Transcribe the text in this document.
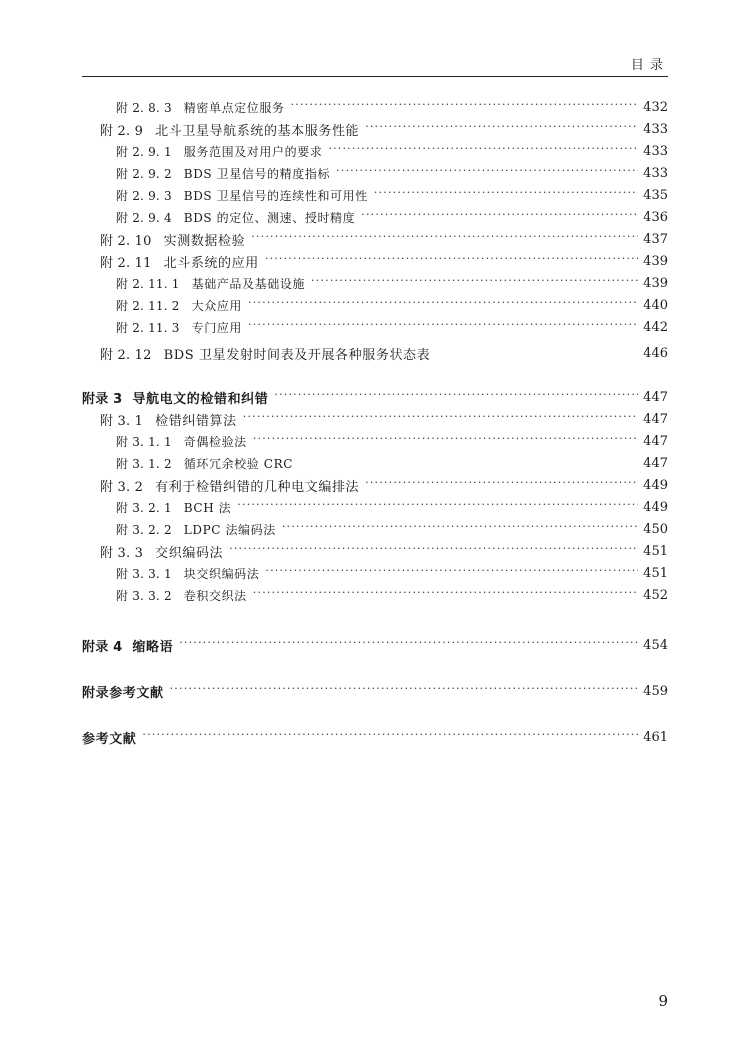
目 录
附 2. 8. 3 精密单点定位服务 ·····	432
附 2. 9 北斗卫星导航系统的基本服务性能 ·····	433
附 2. 9. 1 服务范围及对用户的要求 ·····	433
附 2. 9. 2 BDS 卫星信号的精度指标 ·····	433
附 2. 9. 3 BDS 卫星信号的连续性和可用性 ·····	435
附 2. 9. 4 BDS 的定位、测速、授时精度 ·····	436
附 2. 10 实测数据检验 ·····	437
附 2. 11 北斗系统的应用 ·····	439
附 2. 11. 1 基础产品及基础设施 ·····	439
附 2. 11. 2 大众应用 ·····	440
附 2. 11. 3 专门应用 ·····	442
附 2. 12 BDS 卫星发射时间表及开展各种服务状态表	446
附录 3 导航电文的检错和纠错 ·····	447
附 3. 1 检错纠错算法 ·····	447
附 3. 1. 1 奇偶检验法 ·····	447
附 3. 1. 2 循环冗余校验 CRC	447
附 3. 2 有利于检错纠错的几种电文编排法 ·····	449
附 3. 2. 1 BCH 法 ·····	449
附 3. 2. 2 LDPC 法编码法 ·····	450
附 3. 3 交织编码法 ·····	451
附 3. 3. 1 块交织编码法 ·····	451
附 3. 3. 2 卷积交织法 ·····	452
附录 4 缩略语 ·····	454
附录参考文献 ·····	459
参考文献 ·····	461
9
